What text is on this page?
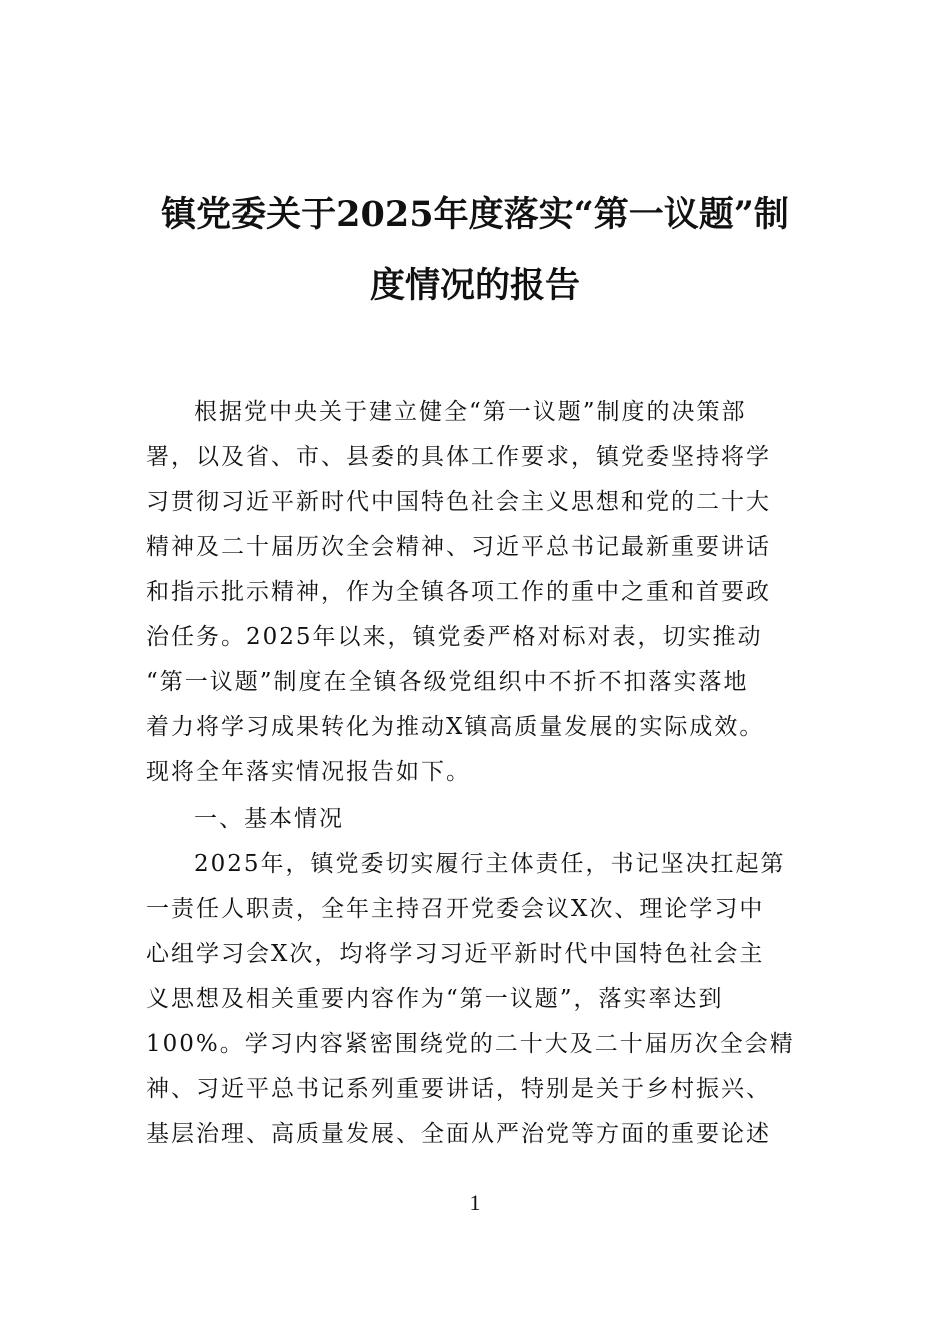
镇党委关于2025年度落实“第一议题”制
度情况的报告
根据党中央关于建立健全“第一议题”制度的决策部
署，以及省、市、县委的具体工作要求，镇党委坚持将学
习贯彻习近平新时代中国特色社会主义思想和党的二十大
精神及二十届历次全会精神、习近平总书记最新重要讲话
和指示批示精神，作为全镇各项工作的重中之重和首要政
治任务。2025年以来，镇党委严格对标对表，切实推动
“第一议题”制度在全镇各级党组织中不折不扣落实落地
着力将学习成果转化为推动X镇高质量发展的实际成效。
现将全年落实情况报告如下。
一、基本情况
2025年，镇党委切实履行主体责任，书记坚决扛起第
一责任人职责，全年主持召开党委会议X次、理论学习中
心组学习会X次，均将学习习近平新时代中国特色社会主
义思想及相关重要内容作为“第一议题”，落实率达到
100%。学习内容紧密围绕党的二十大及二十届历次全会精
神、习近平总书记系列重要讲话，特别是关于乡村振兴、
基层治理、高质量发展、全面从严治党等方面的重要论述
1
